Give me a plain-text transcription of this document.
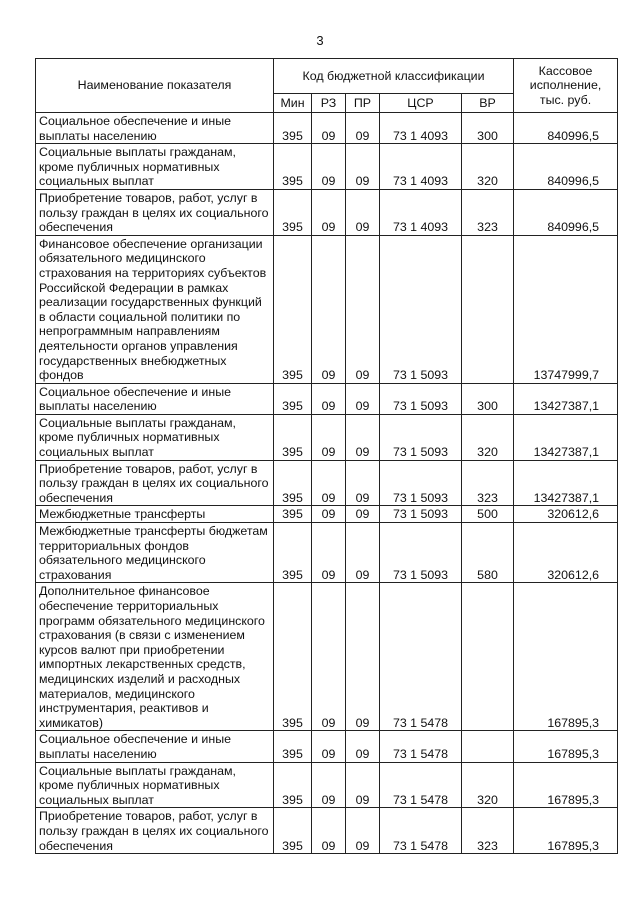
3
Наименование показателя	Код бюджетной классификации					Кассовое исполнение, тыс. руб.
	Мин	РЗ	ПР	ЦСР	ВР	
Социальное обеспечение и иные выплаты населению	395	09	09	73 1 4093	300	840996,5
Социальные выплаты гражданам, кроме публичных нормативных социальных выплат	395	09	09	73 1 4093	320	840996,5
Приобретение товаров, работ, услуг в пользу граждан в целях их социального обеспечения	395	09	09	73 1 4093	323	840996,5
Финансовое обеспечение организации обязательного медицинского страхования на территориях субъектов Российской Федерации в рамках реализации государственных функций в области социальной политики по непрограммным направлениям деятельности органов управления государственных внебюджетных фондов	395	09	09	73 1 5093		13747999,7
Социальное обеспечение и иные выплаты населению	395	09	09	73 1 5093	300	13427387,1
Социальные выплаты гражданам, кроме публичных нормативных социальных выплат	395	09	09	73 1 5093	320	13427387,1
Приобретение товаров, работ, услуг в пользу граждан в целях их социального обеспечения	395	09	09	73 1 5093	323	13427387,1
Межбюджетные трансферты	395	09	09	73 1 5093	500	320612,6
Межбюджетные трансферты бюджетам территориальных фондов обязательного медицинского страхования	395	09	09	73 1 5093	580	320612,6
Дополнительное финансовое обеспечение территориальных программ обязательного медицинского страхования (в связи с изменением курсов валют при приобретении импортных лекарственных средств, медицинских изделий и расходных материалов, медицинского инструментария, реактивов и химикатов)	395	09	09	73 1 5478		167895,3
Социальное обеспечение и иные выплаты населению	395	09	09	73 1 5478		167895,3
Социальные выплаты гражданам, кроме публичных нормативных социальных выплат	395	09	09	73 1 5478	320	167895,3
Приобретение товаров, работ, услуг в пользу граждан в целях их социального обеспечения	395	09	09	73 1 5478	323	167895,3
